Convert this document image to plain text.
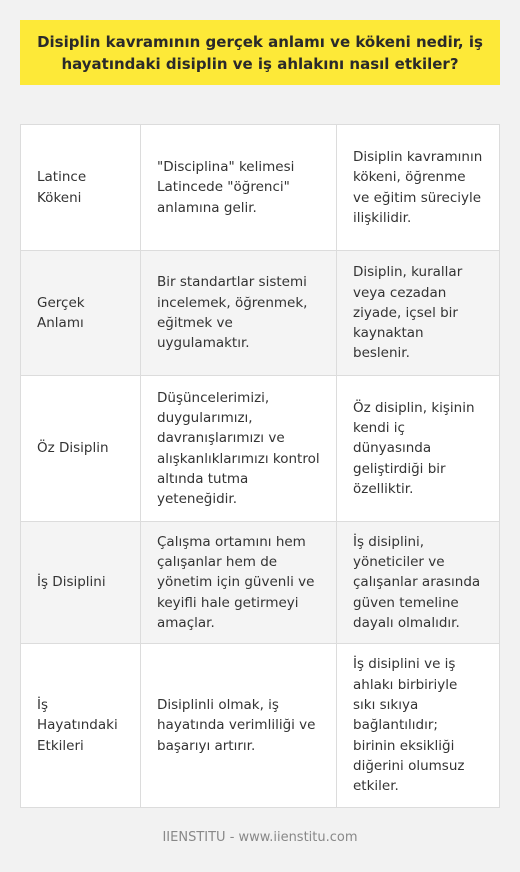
Disiplin kavramının gerçek anlamı ve kökeni nedir, iş hayatındaki disiplin ve iş ahlakını nasıl etkiler?
Latince Kökeni
"Disciplina" kelimesi Latincede "öğrenci" anlamına gelir.
Disiplin kavramının kökeni, öğrenme ve eğitim süreciyle ilişkilidir.
Gerçek Anlamı
Bir standartlar sistemi incelemek, öğrenmek, eğitmek ve uygulamaktır.
Disiplin, kurallar veya cezadan ziyade, içsel bir kaynaktan beslenir.
Öz Disiplin
Düşüncelerimizi, duygularımızı, davranışlarımızı ve alışkanlıklarımızı kontrol altında tutma yeteneğidir.
Öz disiplin, kişinin kendi iç dünyasında geliştirdiği bir özelliktir.
İş Disiplini
Çalışma ortamını hem çalışanlar hem de yönetim için güvenli ve keyifli hale getirmeyi amaçlar.
İş disiplini, yöneticiler ve çalışanlar arasında güven temeline dayalı olmalıdır.
İş Hayatındaki Etkileri
Disiplinli olmak, iş hayatında verimliliği ve başarıyı artırır.
İş disiplini ve iş ahlakı birbiriyle sıkı sıkıya bağlantılıdır; birinin eksikliği diğerini olumsuz etkiler.
IIENSTITU - www.iienstitu.com
